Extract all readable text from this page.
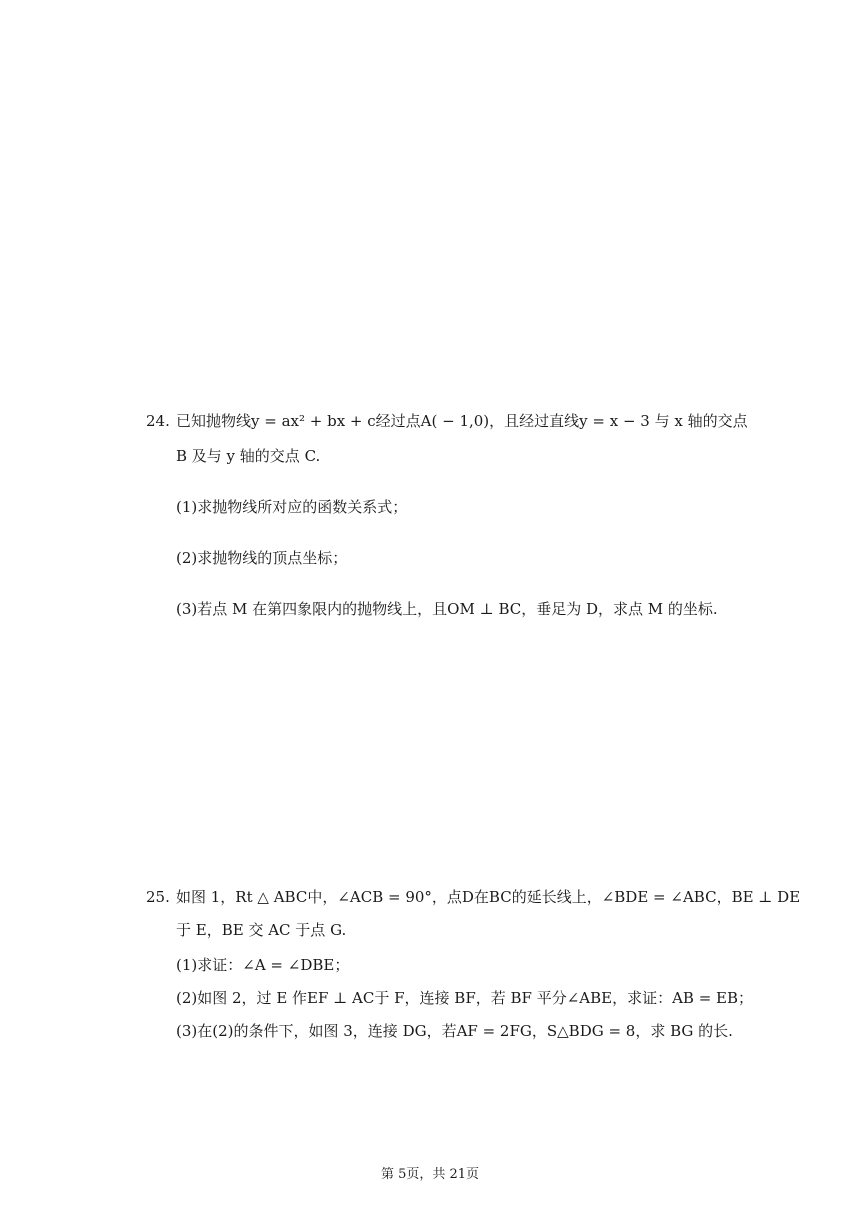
24. 已知抛物线y = ax² + bx + c经过点A( − 1,0)，且经过直线y = x − 3 与 x 轴的交点
B 及与 y 轴的交点 C.
(1)求抛物线所对应的函数关系式；
(2)求抛物线的顶点坐标；
(3)若点 M 在第四象限内的抛物线上，且OM ⊥ BC，垂足为 D，求点 M 的坐标.
25. 如图 1，Rt △ ABC中，∠ACB = 90°，点D在BC的延长线上，∠BDE = ∠ABC，BE ⊥ DE
于 E，BE 交 AC 于点 G.
(1)求证：∠A = ∠DBE；
(2)如图 2，过 E 作EF ⊥ AC于 F，连接 BF，若 BF 平分∠ABE，求证：AB = EB；
(3)在(2)的条件下，如图 3，连接 DG，若AF = 2FG，S△BDG = 8，求 BG 的长.
第 5页，共 21页
